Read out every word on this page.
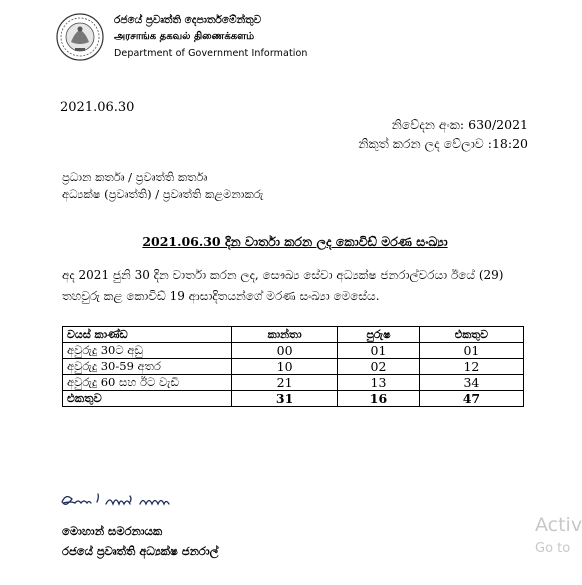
රජයේ ප්‍රවෘත්ති දෙපාර්තමේන්තුව
அரசாங்க தகவல் திணைக்களம்
Department of Government Information
2021.06.30
නිවේදන අංක: 630/2021
නිකුත් කරන ලද වේලාව :18:20
ප්‍රධාන කර්තෘ / ප්‍රවෘත්ති කර්තෘ
අධ්‍යක්ෂ (ප්‍රවෘත්ති) / ප්‍රවෘත්ති කළමනාකරු
2021.06.30 දින වාර්තා කරන ලද කොවිඩ් මරණ සංඛ්‍යා
අද 2021 ජුනි 30 දින වාර්තා කරන ලද, සෞඛ්‍ය සේවා අධ්‍යක්ෂ ජනරාල්වරයා ඊයේ (29)
තහවුරු කළ කොවිඩ් 19 ආසාදිතයන්ගේ මරණ සංඛ්‍යා මෙසේය.
වයස් කාණ්ඩ	කාන්තා	පුරුෂ	එකතුව
අවුරුදු 30ට අඩු	00	01	01
අවුරුදු 30-59 අතර	10	02	12
අවුරුදු 60 සහ ඊට වැඩි	21	13	34
එකතුව	31	16	47
මොහාන් සමරනායක
රජයේ ප්‍රවෘත්ති අධ්‍යක්ෂ ජනරාල්
Activ
Go to
